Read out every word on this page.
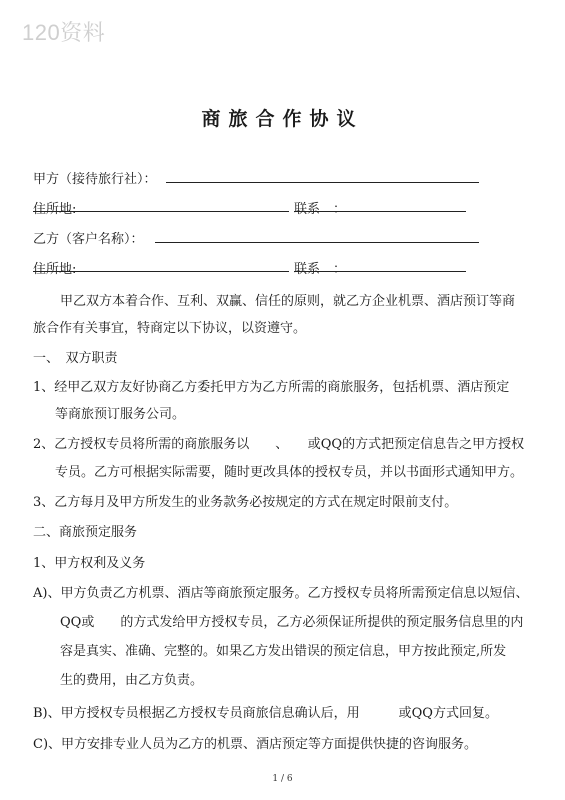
120资料
商旅合作协议
甲方（接待旅行社）：
住所地:	联系　：
乙方（客户名称）：
住所地:	联系　：
甲乙双方本着合作、互利、双赢、信任的原则，就乙方企业机票、酒店预订等商
旅合作有关事宜，特商定以下协议，以资遵守。
一、　双方职责
1、经甲乙双方友好协商乙方委托甲方为乙方所需的商旅服务，包括机票、酒店预定
等商旅预订服务公司。
2、乙方授权专员将所需的商旅服务以　　、　　或QQ的方式把预定信息告之甲方授权
专员。乙方可根据实际需要，随时更改具体的授权专员，并以书面形式通知甲方。
3、乙方每月及甲方所发生的业务款务必按规定的方式在规定时限前支付。
二、商旅预定服务
1、甲方权利及义务
A)、甲方负责乙方机票、酒店等商旅预定服务。乙方授权专员将所需预定信息以短信、
QQ或　　的方式发给甲方授权专员，乙方必须保证所提供的预定服务信息里的内
容是真实、准确、完整的。如果乙方发出错误的预定信息，甲方按此预定,所发
生的费用，由乙方负责。
B)、甲方授权专员根据乙方授权专员商旅信息确认后，用　　　或QQ方式回复。
C)、甲方安排专业人员为乙方的机票、酒店预定等方面提供快捷的咨询服务。
1 / 6
